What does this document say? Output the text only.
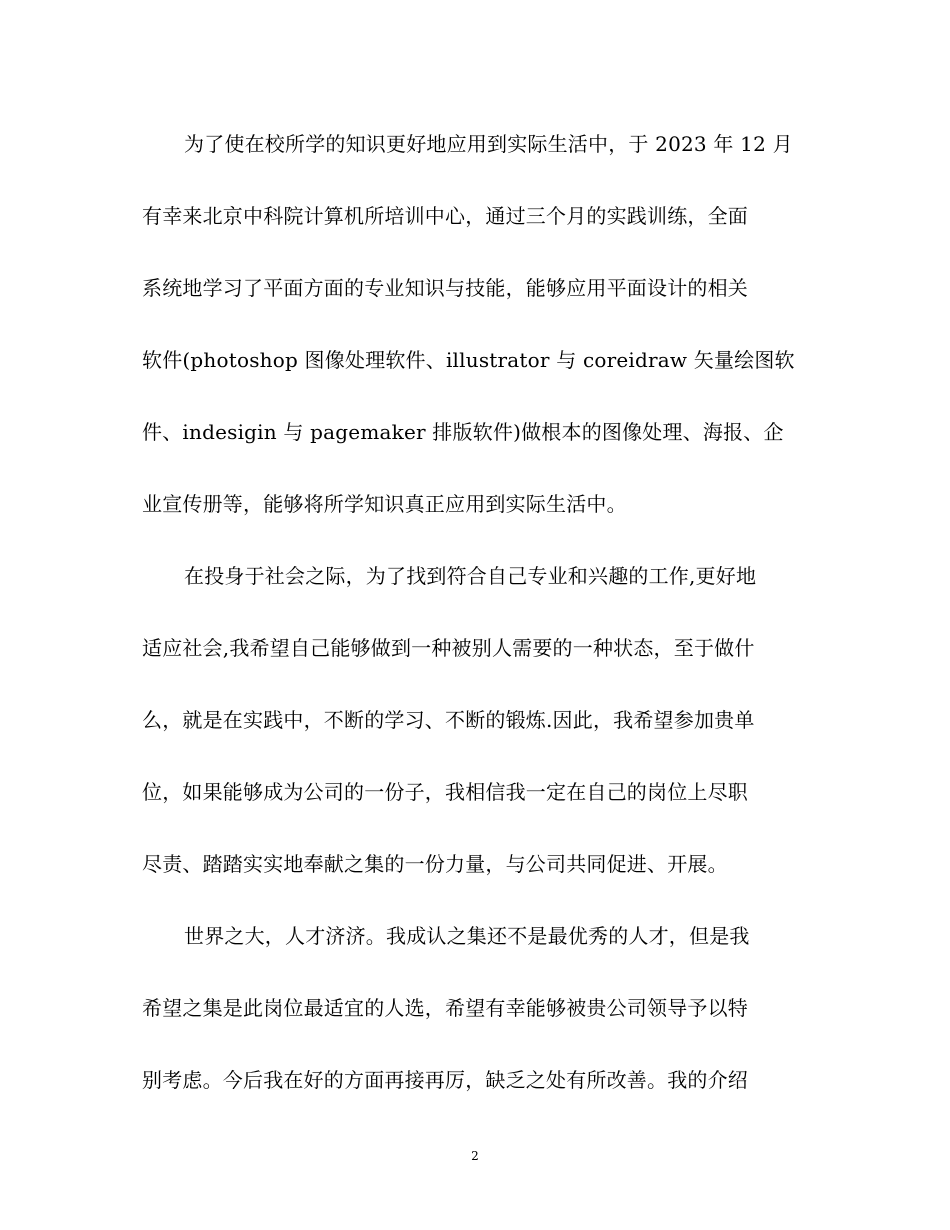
为了使在校所学的知识更好地应用到实际生活中，于 2023 年 12 月
有幸来北京中科院计算机所培训中心，通过三个月的实践训练，全面
系统地学习了平面方面的专业知识与技能，能够应用平面设计的相关
软件(photoshop 图像处理软件、illustrator 与 coreidraw 矢量绘图软
件、indesigin 与 pagemaker 排版软件)做根本的图像处理、海报、企
业宣传册等，能够将所学知识真正应用到实际生活中。
在投身于社会之际，为了找到符合自己专业和兴趣的工作,更好地
适应社会,我希望自己能够做到一种被别人需要的一种状态，至于做什
么，就是在实践中，不断的学习、不断的锻炼.因此，我希望参加贵单
位，如果能够成为公司的一份子，我相信我一定在自己的岗位上尽职
尽责、踏踏实实地奉献之集的一份力量，与公司共同促进、开展。
世界之大，人才济济。我成认之集还不是最优秀的人才，但是我
希望之集是此岗位最适宜的人选，希望有幸能够被贵公司领导予以特
别考虑。今后我在好的方面再接再厉，缺乏之处有所改善。我的介绍
2
